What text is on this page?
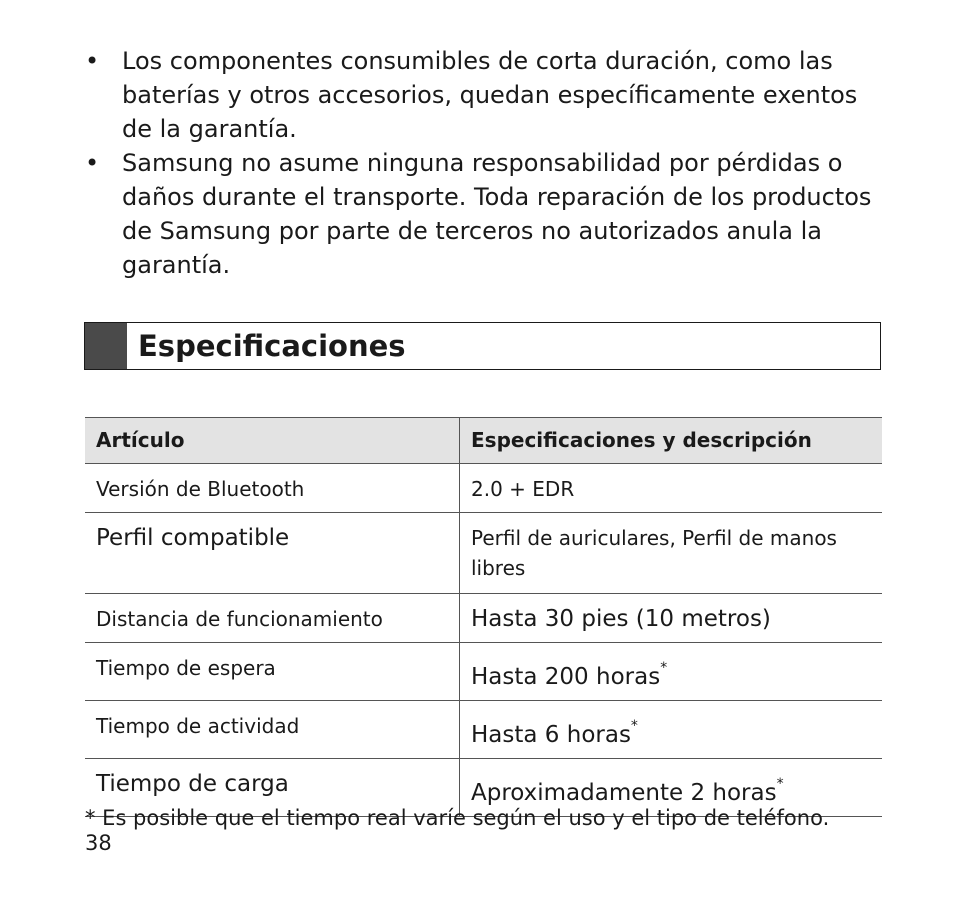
• Los componentes consumibles de corta duración, como las baterías y otros accesorios, quedan específicamente exentos de la garantía.
• Samsung no asume ninguna responsabilidad por pérdidas o daños durante el transporte. Toda reparación de los productos de Samsung por parte de terceros no autorizados anula la garantía.
Especificaciones
Artículo	Especificaciones y descripción
Versión de Bluetooth	2.0 + EDR
Perfil compatible	Perfil de auriculares, Perfil de manos libres
Distancia de funcionamiento	Hasta 30 pies (10 metros)
Tiempo de espera	Hasta 200 horas*
Tiempo de actividad	Hasta 6 horas*
Tiempo de carga	Aproximadamente 2 horas*
* Es posible que el tiempo real varíe según el uso y el tipo de teléfono.
38
